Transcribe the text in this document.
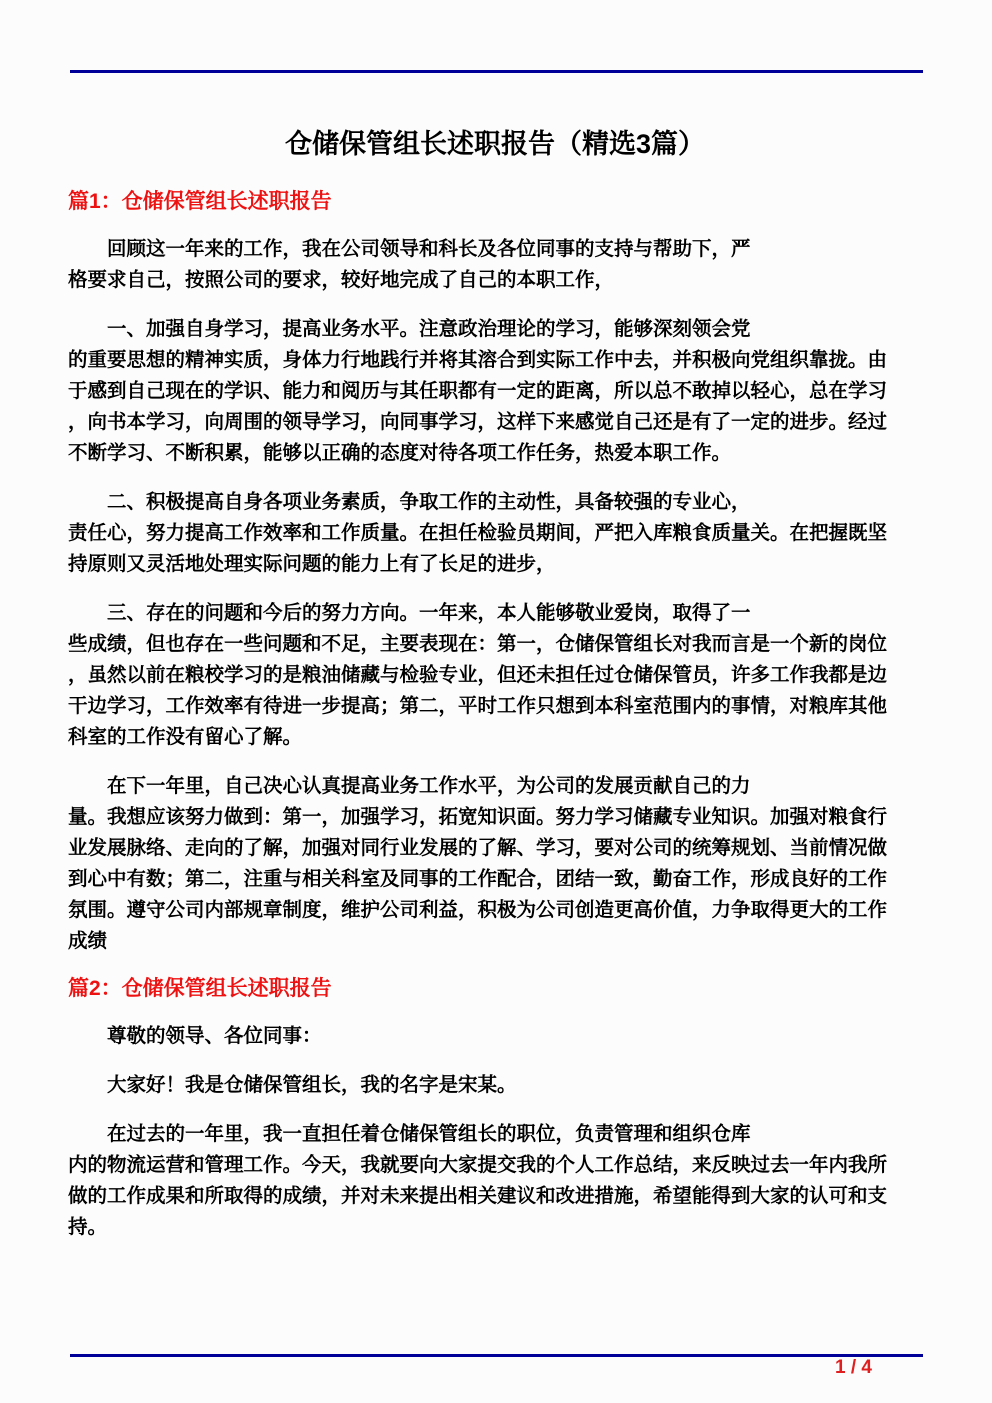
仓储保管组长述职报告（精选3篇）
篇1：仓储保管组长述职报告

回顾这一年来的工作，我在公司领导和科长及各位同事的支持与帮助下，严
格要求自己，按照公司的要求，较好地完成了自己的本职工作，

一、加强自身学习，提高业务水平。注意政治理论的学习，能够深刻领会党
的重要思想的精神实质，身体力行地践行并将其溶合到实际工作中去，并积极向党组织靠拢。由
于感到自己现在的学识、能力和阅历与其任职都有一定的距离，所以总不敢掉以轻心，总在学习
，向书本学习，向周围的领导学习，向同事学习，这样下来感觉自己还是有了一定的进步。经过
不断学习、不断积累，能够以正确的态度对待各项工作任务，热爱本职工作。

二、积极提高自身各项业务素质，争取工作的主动性，具备较强的专业心，
责任心，努力提高工作效率和工作质量。在担任检验员期间，严把入库粮食质量关。在把握既坚
持原则又灵活地处理实际问题的能力上有了长足的进步，

三、存在的问题和今后的努力方向。一年来，本人能够敬业爱岗，取得了一
些成绩，但也存在一些问题和不足，主要表现在：第一，仓储保管组长对我而言是一个新的岗位
，虽然以前在粮校学习的是粮油储藏与检验专业，但还未担任过仓储保管员，许多工作我都是边
干边学习，工作效率有待进一步提高；第二，平时工作只想到本科室范围内的事情，对粮库其他
科室的工作没有留心了解。

在下一年里，自己决心认真提高业务工作水平，为公司的发展贡献自己的力
量。我想应该努力做到：第一，加强学习，拓宽知识面。努力学习储藏专业知识。加强对粮食行
业发展脉络、走向的了解，加强对同行业发展的了解、学习，要对公司的统筹规划、当前情况做
到心中有数；第二，注重与相关科室及同事的工作配合，团结一致，勤奋工作，形成良好的工作
氛围。遵守公司内部规章制度，维护公司利益，积极为公司创造更高价值，力争取得更大的工作
成绩

篇2：仓储保管组长述职报告

尊敬的领导、各位同事：

大家好！我是仓储保管组长，我的名字是宋某。

在过去的一年里，我一直担任着仓储保管组长的职位，负责管理和组织仓库
内的物流运营和管理工作。今天，我就要向大家提交我的个人工作总结，来反映过去一年内我所
做的工作成果和所取得的成绩，并对未来提出相关建议和改进措施，希望能得到大家的认可和支
持。

1 / 4
